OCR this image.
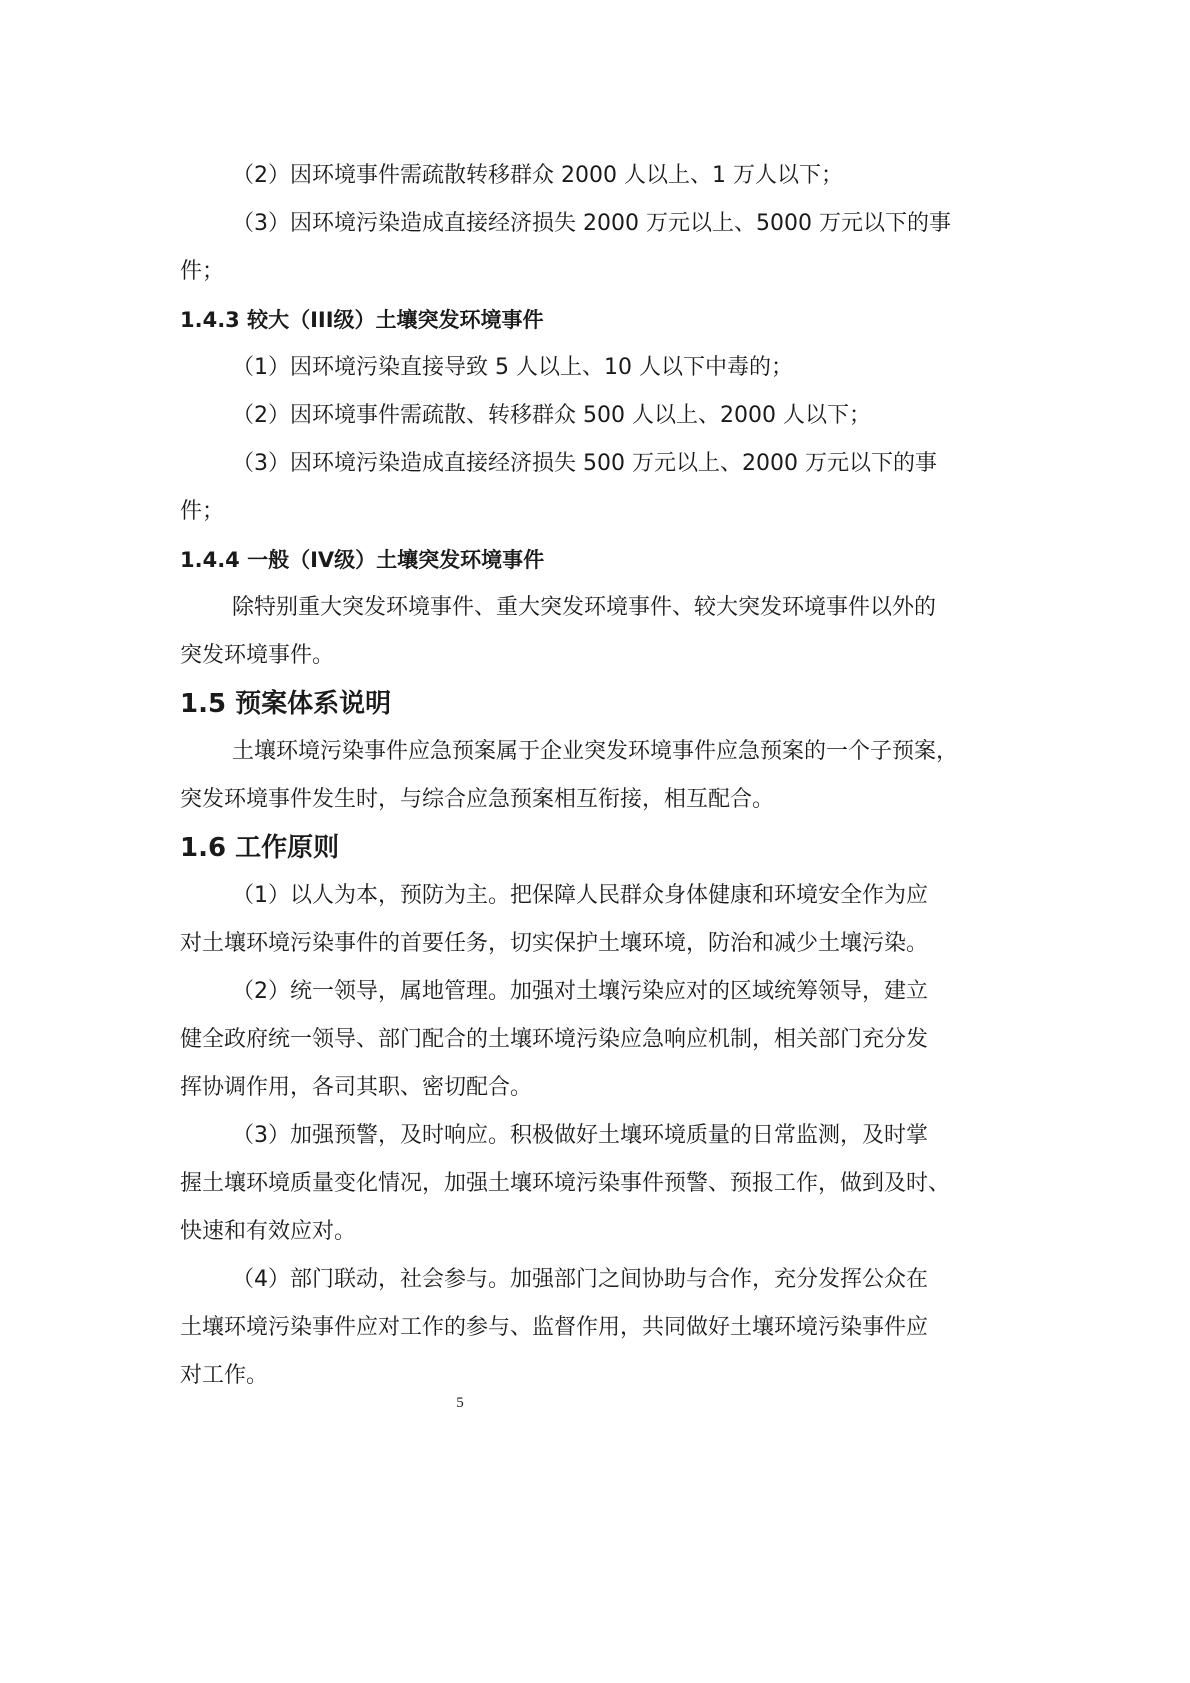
（2）因环境事件需疏散转移群众 2000 人以上、1 万人以下；

（3）因环境污染造成直接经济损失 2000 万元以上、5000 万元以下的事

件；

1.4.3 较大（III级）土壤突发环境事件

（1）因环境污染直接导致 5 人以上、10 人以下中毒的；

（2）因环境事件需疏散、转移群众 500 人以上、2000 人以下；

（3）因环境污染造成直接经济损失 500 万元以上、2000 万元以下的事

件；

1.4.4 一般（IV级）土壤突发环境事件

除特别重大突发环境事件、重大突发环境事件、较大突发环境事件以外的

突发环境事件。

1.5 预案体系说明

土壤环境污染事件应急预案属于企业突发环境事件应急预案的一个子预案，

突发环境事件发生时，与综合应急预案相互衔接，相互配合。

1.6 工作原则

（1）以人为本，预防为主。把保障人民群众身体健康和环境安全作为应

对土壤环境污染事件的首要任务，切实保护土壤环境，防治和减少土壤污染。

（2）统一领导，属地管理。加强对土壤污染应对的区域统筹领导，建立

健全政府统一领导、部门配合的土壤环境污染应急响应机制，相关部门充分发

挥协调作用，各司其职、密切配合。

（3）加强预警，及时响应。积极做好土壤环境质量的日常监测，及时掌

握土壤环境质量变化情况，加强土壤环境污染事件预警、预报工作，做到及时、

快速和有效应对。

（4）部门联动，社会参与。加强部门之间协助与合作，充分发挥公众在

土壤环境污染事件应对工作的参与、监督作用，共同做好土壤环境污染事件应

对工作。

5
